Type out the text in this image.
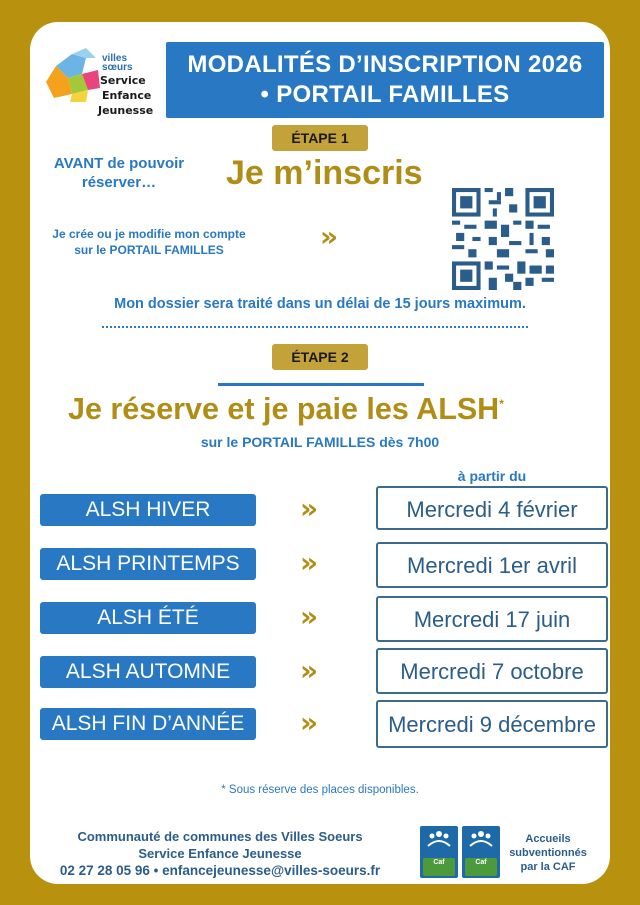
villes
sœurs
Service
Enfance
Jeunesse
MODALITÉS D’INSCRIPTION 2026
• PORTAIL FAMILLES
ÉTAPE 1
AVANT de pouvoir réserver…	Je m’inscris
Je crée ou je modifie mon compte sur le PORTAIL FAMILLES	»
Mon dossier sera traité dans un délai de 15 jours maximum.
ÉTAPE 2
Je réserve et je paie les ALSH*
sur le PORTAIL FAMILLES dès 7h00
à partir du
ALSH HIVER	»	Mercredi 4 février
ALSH PRINTEMPS	»	Mercredi 1er avril
ALSH ÉTÉ	»	Mercredi 17 juin
ALSH AUTOMNE	»	Mercredi 7 octobre
ALSH FIN D’ANNÉE	»	Mercredi 9 décembre
* Sous réserve des places disponibles.
Communauté de communes des Villes Soeurs
Service Enfance Jeunesse
02 27 28 05 96 • enfancejeunesse@villes-soeurs.fr
Caf	Caf
Accueils subventionnés par la CAF
